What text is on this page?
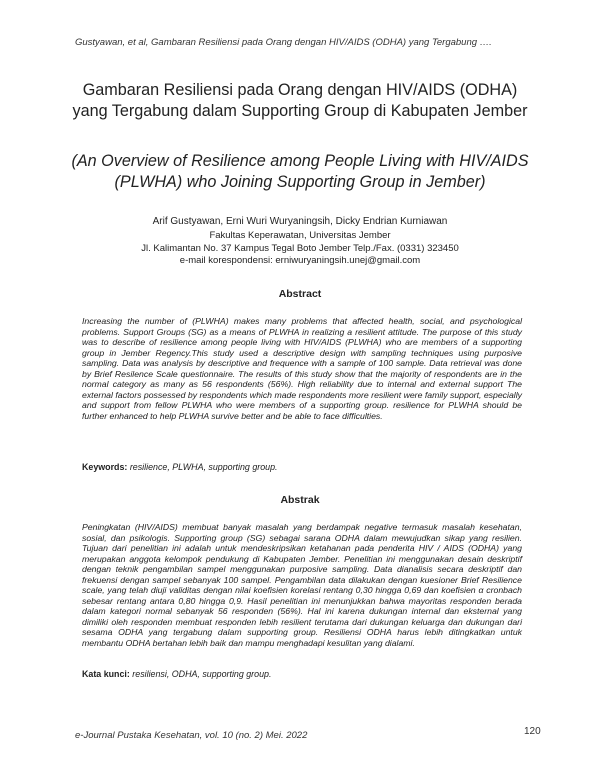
Gustyawan, et al, Gambaran Resiliensi pada Orang dengan HIV/AIDS (ODHA) yang Tergabung ….
Gambaran Resiliensi pada Orang dengan HIV/AIDS (ODHA)
yang Tergabung dalam Supporting Group di Kabupaten Jember
(An Overview of Resilience among People Living with HIV/AIDS
(PLWHA) who Joining Supporting Group in Jember)
Arif Gustyawan, Erni Wuri Wuryaningsih, Dicky Endrian Kurniawan
Fakultas Keperawatan, Universitas Jember
Jl. Kalimantan No. 37 Kampus Tegal Boto Jember Telp./Fax. (0331) 323450
e-mail korespondensi: erniwuryaningsih.unej@gmail.com
Abstract
Increasing the number of (PLWHA) makes many problems that affected health, social, and psychological problems. Support Groups (SG) as a means of PLWHA in realizing a resilient attitude. The purpose of this study was to describe of resilience among people living with HIV/AIDS (PLWHA) who are members of a supporting group in Jember Regency.This study used a descriptive design with sampling techniques using purposive sampling. Data was analysis by descriptive and frequence with a sample of 100 sample. Data retrieval was done by Brief Resilence Scale questionnaire. The results of this study show that the majority of respondents are in the normal category as many as 56 respondents (56%). High reliability due to internal and external support The external factors possessed by respondents which made respondents more resilient were family support, especially and support from fellow PLWHA who were members of a supporting group. resilience for PLWHA should be further enhanced to help PLWHA survive better and be able to face difficulties.
Keywords: resilience, PLWHA, supporting group.
Abstrak
Peningkatan (HIV/AIDS) membuat banyak masalah yang berdampak negative termasuk masalah kesehatan, sosial, dan psikologis. Supporting group (SG) sebagai sarana ODHA dalam mewujudkan sikap yang resilien. Tujuan dari penelitian ini adalah untuk mendeskripsikan ketahanan pada penderita HIV / AIDS (ODHA) yang merupakan anggota kelompok pendukung di Kabupaten Jember. Penelitian ini menggunakan desain deskriptif dengan teknik pengambilan sampel menggunakan purposive sampling. Data dianalisis secara deskriptif dan frekuensi dengan sampel sebanyak 100 sampel. Pengambilan data dilakukan dengan kuesioner Brief Resilience scale, yang telah diuji validitas dengan nilai koefisien korelasi rentang 0,30 hingga 0,69 dan koefisien α cronbach sebesar rentang antara 0,80 hingga 0,9. Hasil penelitian ini menunjukkan bahwa mayoritas responden berada dalam kategori normal sebanyak 56 responden (56%). Hal ini karena dukungan internal dan eksternal yang dimiliki oleh responden membuat responden lebih resilient terutama dari dukungan keluarga dan dukungan dari sesama ODHA yang tergabung dalam supporting group. Resiliensi ODHA harus lebih ditingkatkan untuk membantu ODHA bertahan lebih baik dan mampu menghadapi kesulitan yang dialami.
Kata kunci: resiliensi, ODHA, supporting group.
e-Journal Pustaka Kesehatan, vol. 10 (no. 2) Mei. 2022	120
